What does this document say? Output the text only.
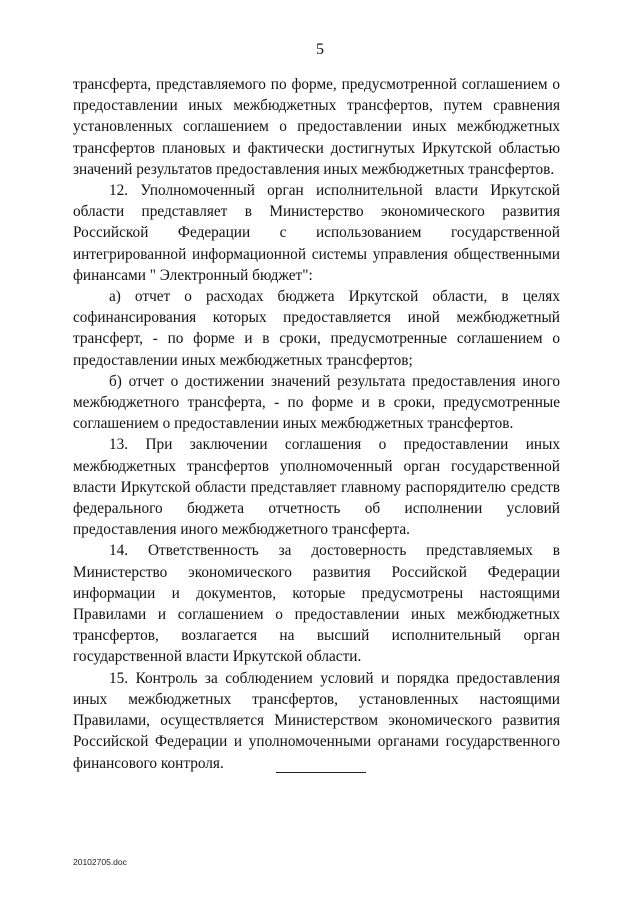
5

трансферта, представляемого по форме, предусмотренной соглашением о предоставлении иных межбюджетных трансфертов, путем сравнения установленных соглашением о предоставлении иных межбюджетных трансфертов плановых и фактически достигнутых Иркутской областью значений результатов предоставления иных межбюджетных трансфертов.

12. Уполномоченный орган исполнительной власти Иркутской области представляет в Министерство экономического развития Российской Федерации с использованием государственной интегрированной информационной системы управления общественными финансами " Электронный бюджет":

а) отчет о расходах бюджета Иркутской области, в целях софинансирования которых предоставляется иной межбюджетный трансферт, - по форме и в сроки, предусмотренные соглашением о предоставлении иных межбюджетных трансфертов;

б) отчет о достижении значений результата предоставления иного межбюджетного трансферта, - по форме и в сроки, предусмотренные соглашением о предоставлении иных межбюджетных трансфертов.

13. При заключении соглашения о предоставлении иных межбюджетных трансфертов уполномоченный орган государственной власти Иркутской области представляет главному распорядителю средств федерального бюджета отчетность об исполнении условий предоставления иного межбюджетного трансферта.

14. Ответственность за достоверность представляемых в Министерство экономического развития Российской Федерации информации и документов, которые предусмотрены настоящими Правилами и соглашением о предоставлении иных межбюджетных трансфертов, возлагается на высший исполнительный орган государственной власти Иркутской области.

15. Контроль за соблюдением условий и порядка предоставления иных межбюджетных трансфертов, установленных настоящими Правилами, осуществляется Министерством экономического развития Российской Федерации и уполномоченными органами государственного финансового контроля.

20102705.doc
